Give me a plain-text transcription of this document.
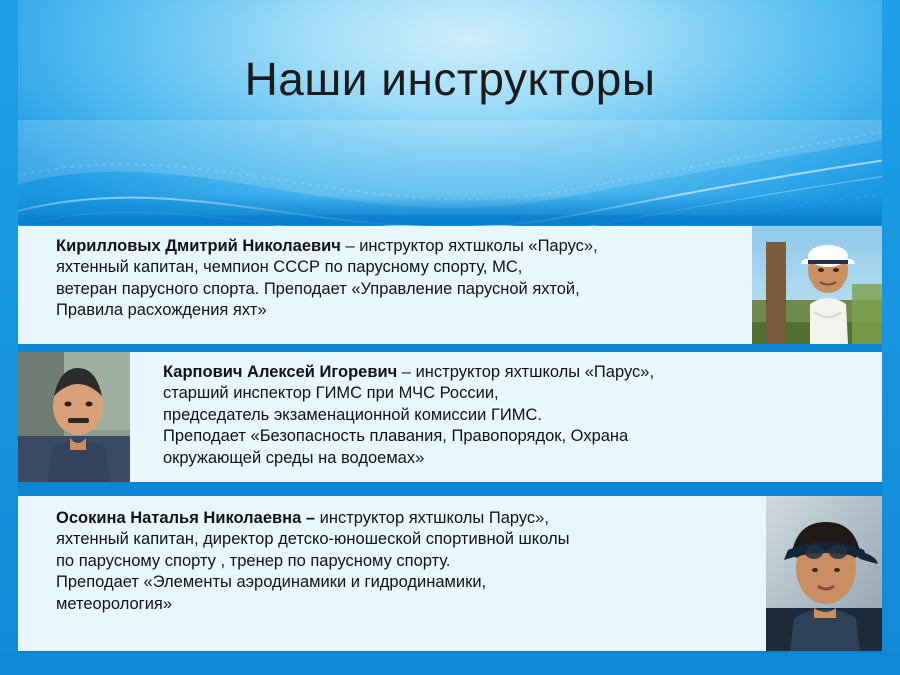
Наши инструкторы
Кирилловых Дмитрий Николаевич – инструктор яхтшколы «Парус»,
яхтенный капитан, чемпион СССР по парусному спорту, МС,
ветеран парусного спорта. Преподает «Управление парусной яхтой,
Правила расхождения яхт»
Карпович Алексей Игоревич – инструктор яхтшколы «Парус»,
старший инспектор ГИМС при МЧС России,
председатель экзаменационной комиссии ГИМС.
Преподает «Безопасность плавания, Правопорядок, Охрана
окружающей среды на водоемах»
Осокина Наталья Николаевна – инструктор яхтшколы Парус»,
яхтенный капитан, директор детско-юношеской спортивной школы
по парусному спорту , тренер по парусному спорту.
Преподает «Элементы аэродинамики и гидродинамики,
метеорология»
